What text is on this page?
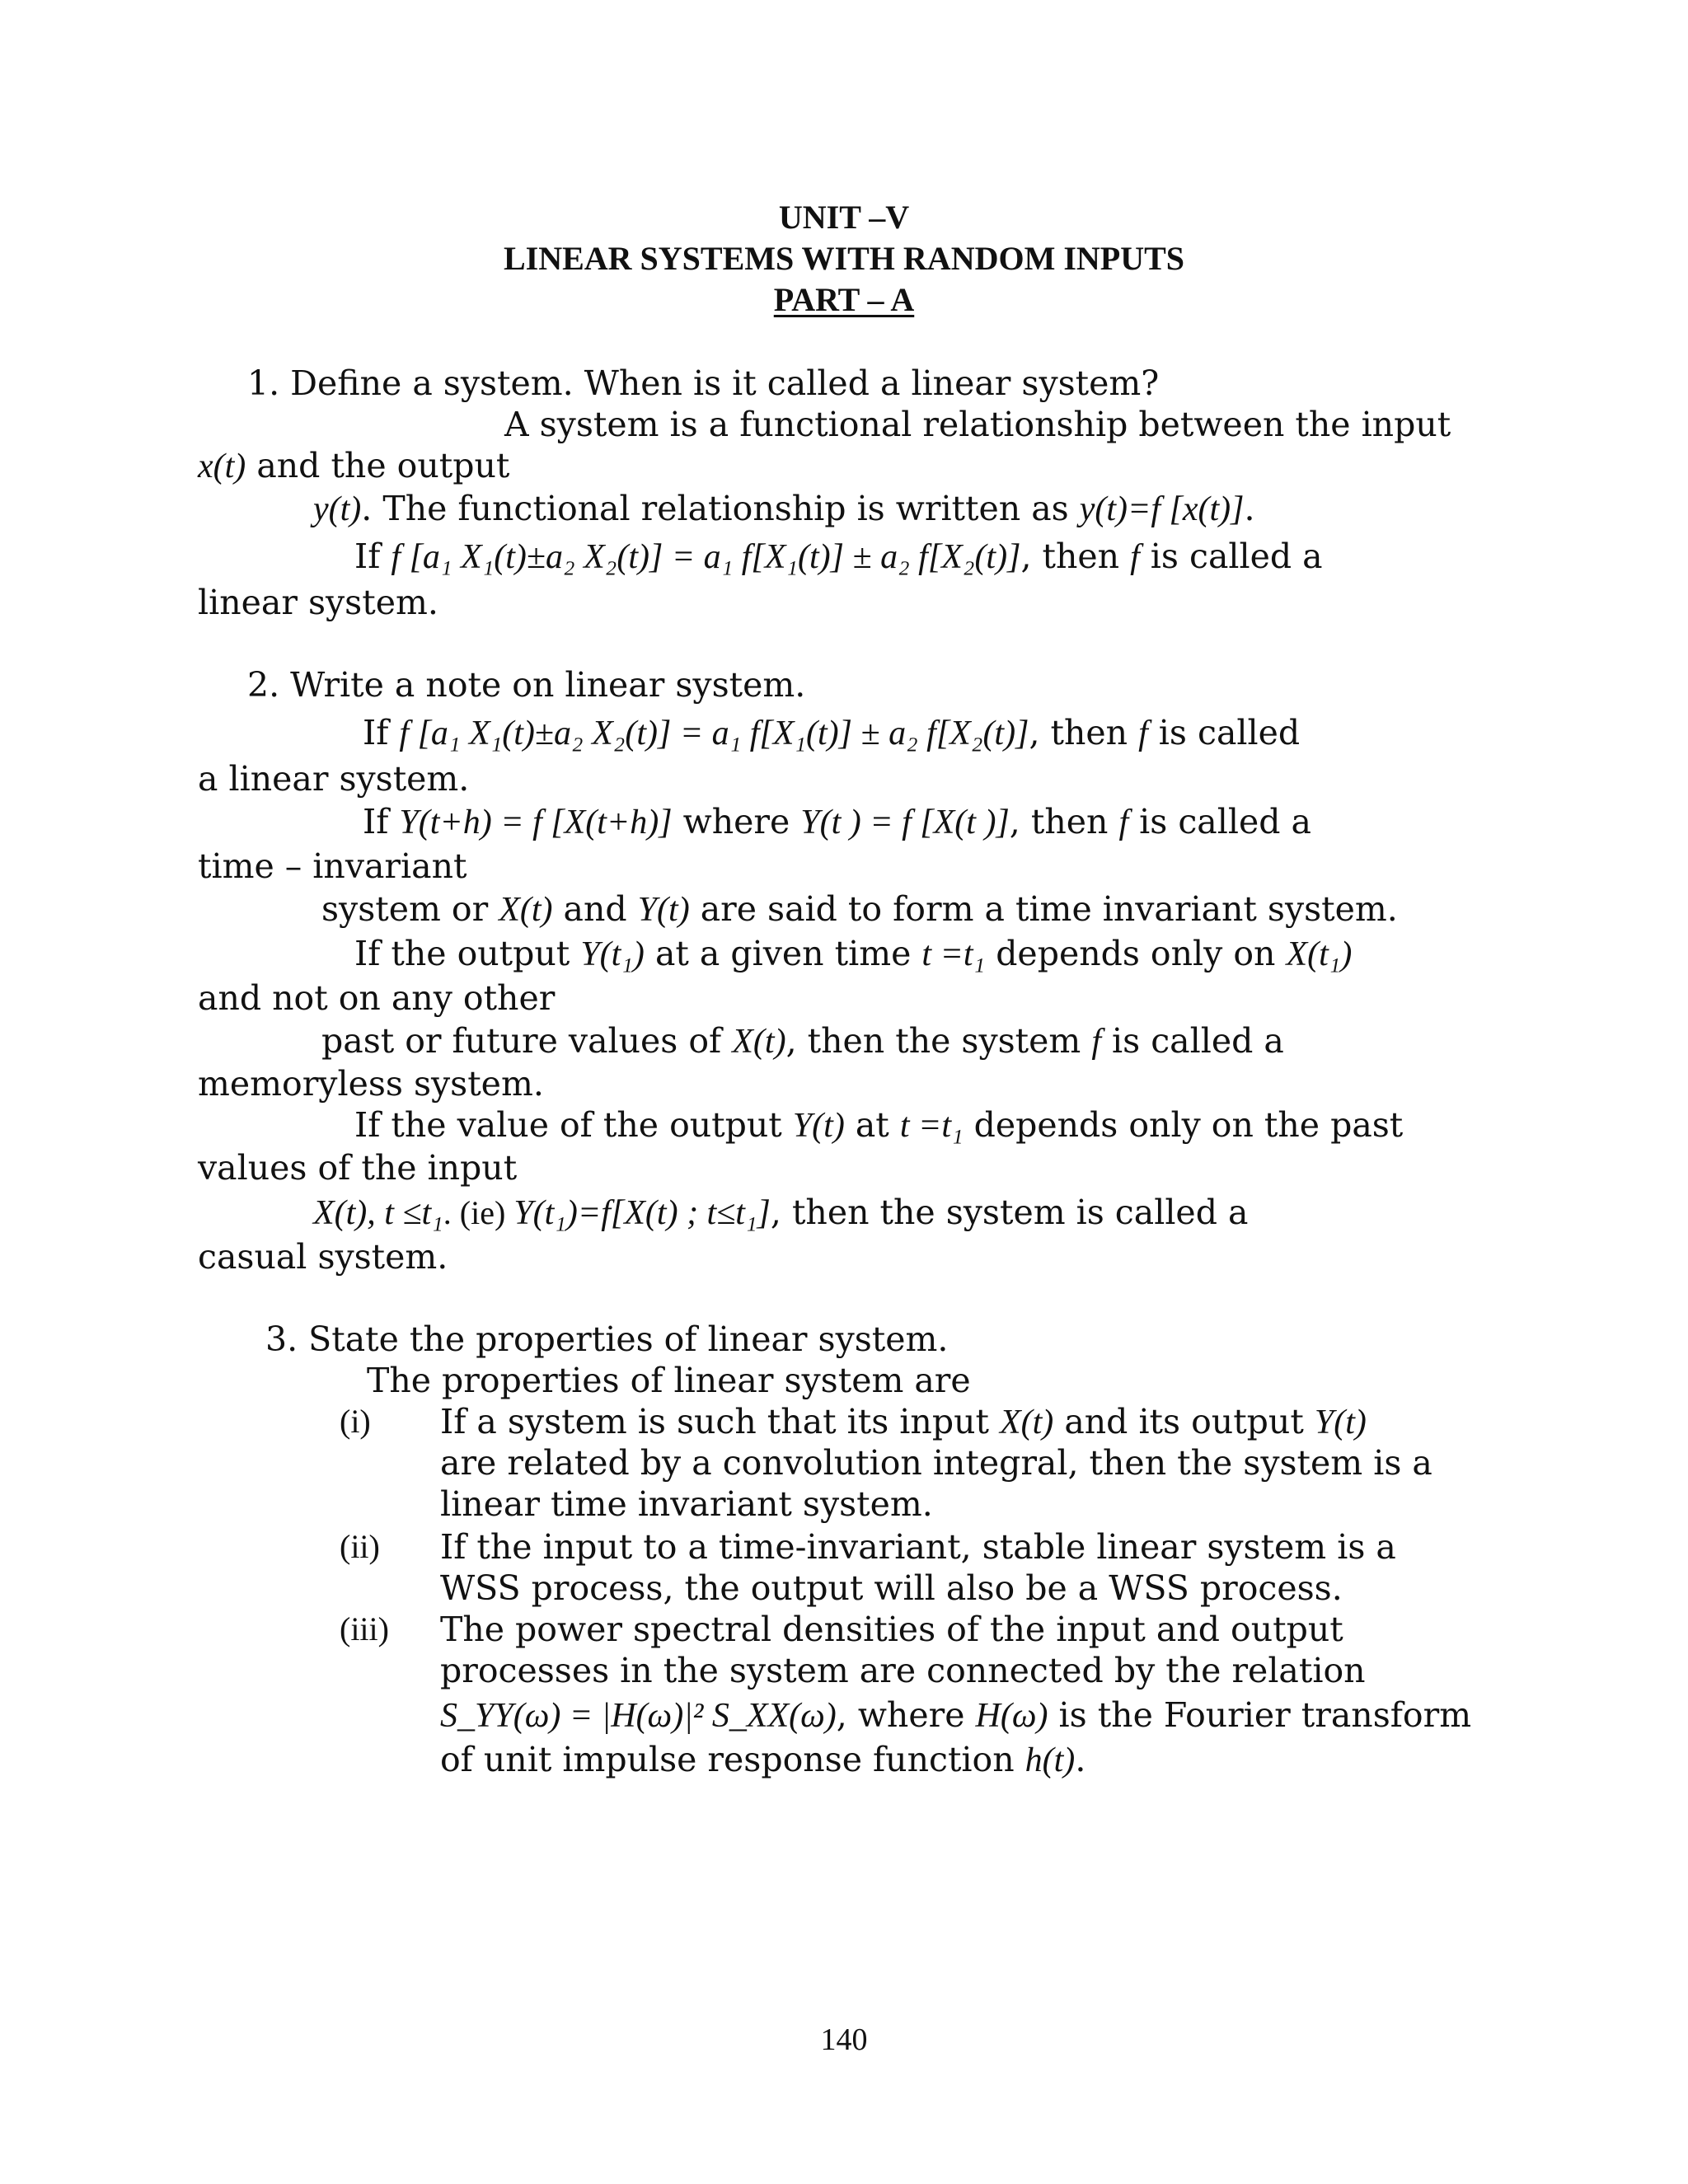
UNIT –V
LINEAR SYSTEMS WITH RANDOM INPUTS
PART – A
1. Define a system. When is it called a linear system?
A system is a functional relationship between the input
x(t) and the output
y(t). The functional relationship is written as y(t)=f [x(t)].
If f [a₁ X₁(t)±a₂ X₂(t)] = a₁ f[X₁(t)] ± a₂ f[X₂(t)], then f is called a
linear system.
2. Write a note on linear system.
If f [a₁ X₁(t)±a₂ X₂(t)] = a₁ f[X₁(t)] ± a₂ f[X₂(t)], then f is called
a linear system.
If Y(t+h) = f [X(t+h)] where Y(t ) = f [X(t )], then f is called a
time – invariant
system or X(t) and Y(t) are said to form a time invariant system.
If the output Y(t₁) at a given time t =t₁ depends only on X(t₁)
and not on any other
past or future values of X(t), then the system f is called a
memoryless system.
If the value of the output Y(t) at t =t₁ depends only on the past
values of the input
X(t), t ≤t₁. (ie) Y(t₁)=f[X(t) ; t≤t₁], then the system is called a
casual system.
3. State the properties of linear system.
The properties of linear system are
(i) If a system is such that its input X(t) and its output Y(t)
are related by a convolution integral, then the system is a
linear time invariant system.
(ii) If the input to a time-invariant, stable linear system is a
WSS process, the output will also be a WSS process.
(iii) The power spectral densities of the input and output
processes in the system are connected by the relation
S_YY(ω) = |H(ω)|² S_XX(ω), where H(ω) is the Fourier transform
of unit impulse response function h(t).
140
